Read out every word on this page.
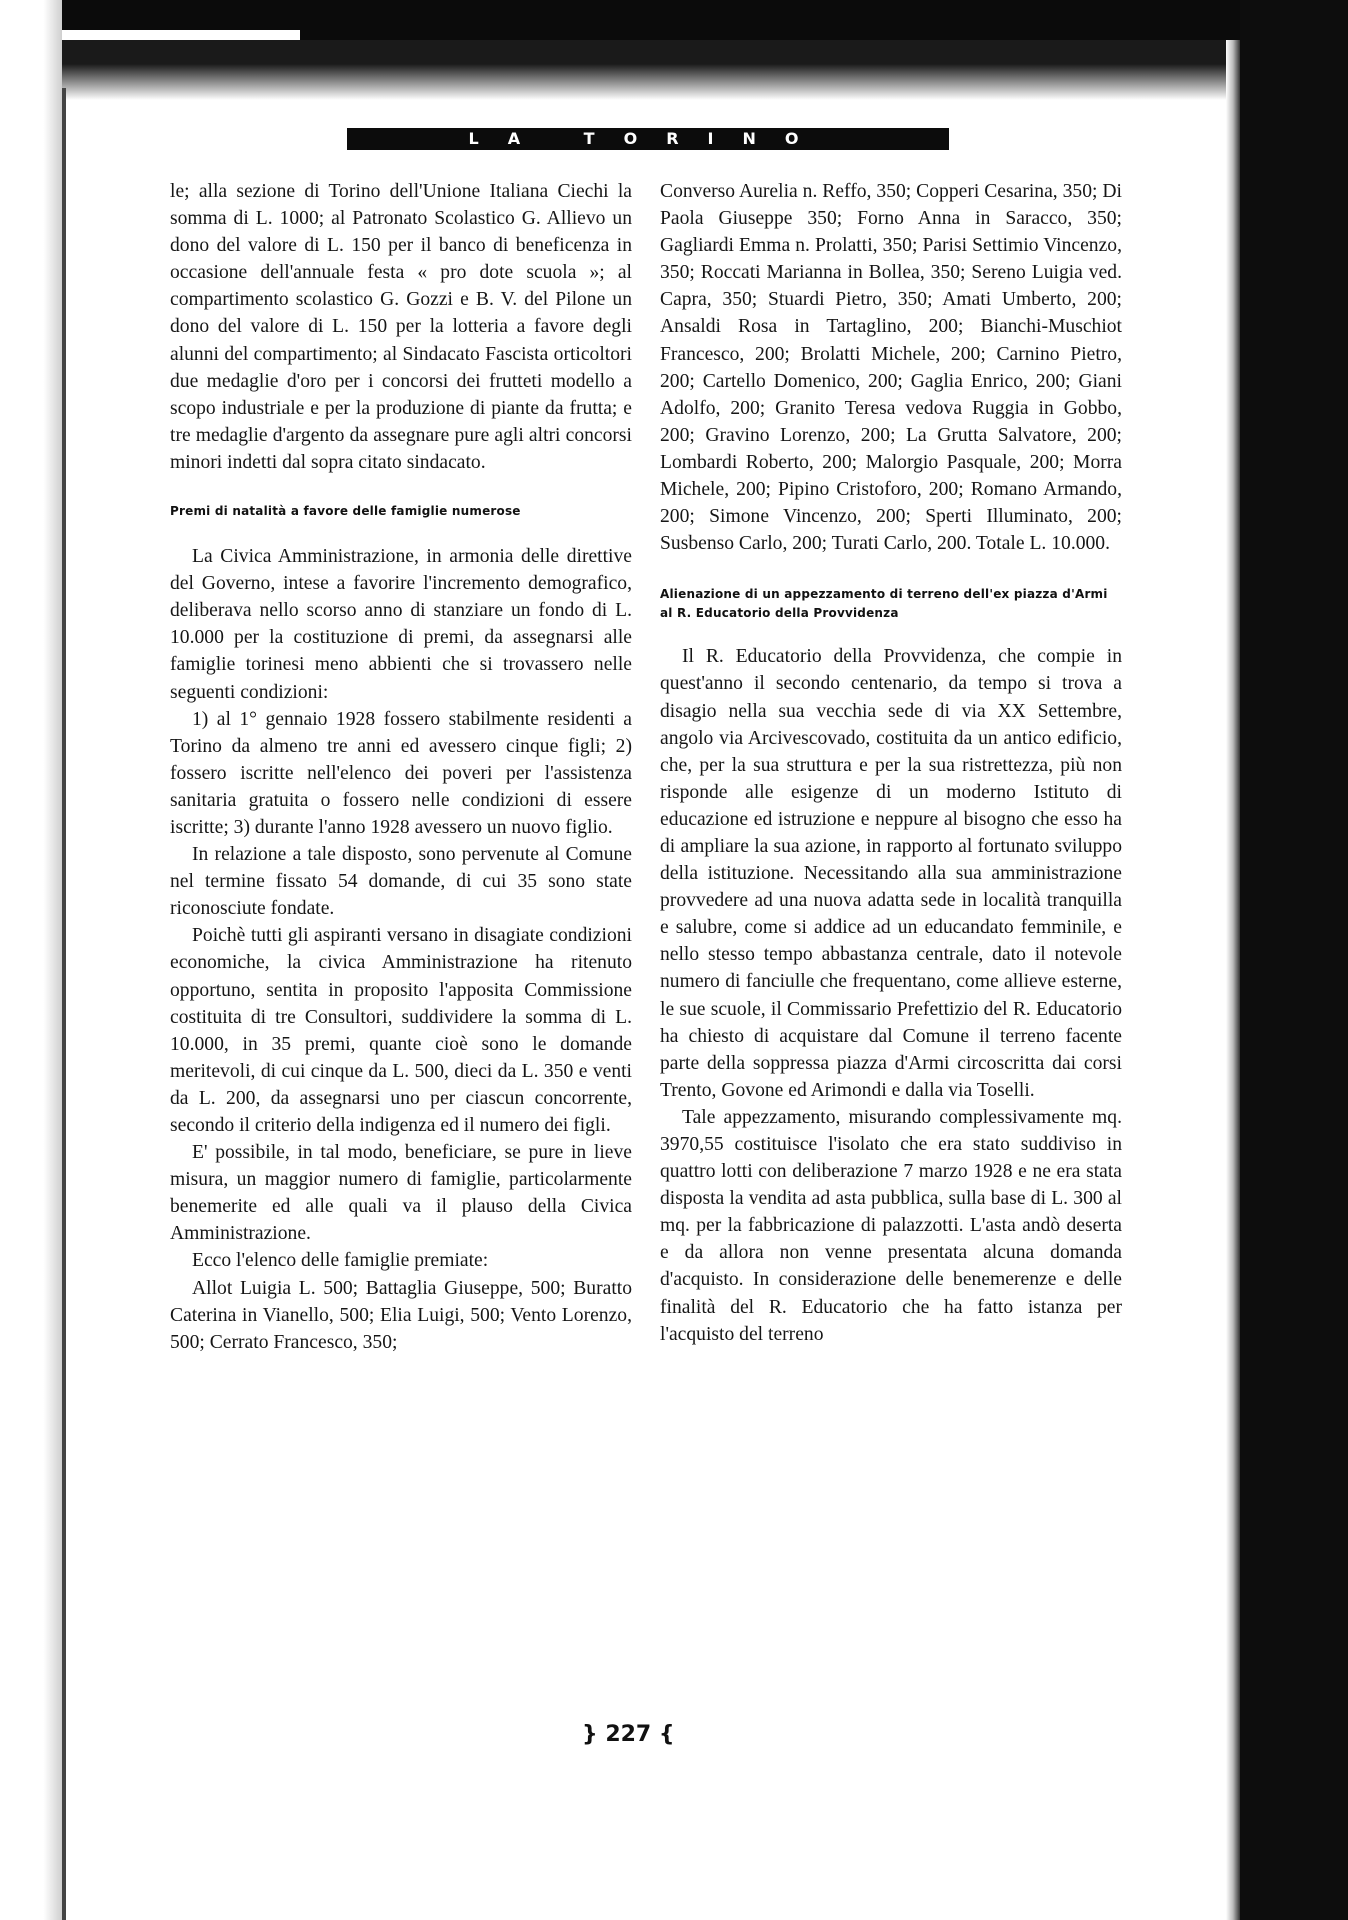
LA TORINO SERIALE

le; alla sezione di Torino dell'Unione Italiana Ciechi la somma di L. 1000; al Patronato Scolastico G. Allievo un dono del valore di L. 150 per il banco di beneficenza in occasione dell'annuale festa « pro dote scuola »; al compartimento scolastico G. Gozzi e B. V. del Pilone un dono del valore di L. 150 per la lotteria a favore degli alunni del compartimento; al Sindacato Fascista orticoltori due medaglie d'oro per i concorsi dei frutteti modello a scopo industriale e per la produzione di piante da frutta; e tre medaglie d'argento da assegnare pure agli altri concorsi minori indetti dal sopra citato sindacato.

Premi di natalità a favore delle famiglie numerose

La Civica Amministrazione, in armonia delle direttive del Governo, intese a favorire l'incremento demografico, deliberava nello scorso anno di stanziare un fondo di L. 10.000 per la costituzione di premi, da assegnarsi alle famiglie torinesi meno abbienti che si trovassero nelle seguenti condizioni:

1) al 1° gennaio 1928 fossero stabilmente residenti a Torino da almeno tre anni ed avessero cinque figli; 2) fossero iscritte nell'elenco dei poveri per l'assistenza sanitaria gratuita o fossero nelle condizioni di essere iscritte; 3) durante l'anno 1928 avessero un nuovo figlio.

In relazione a tale disposto, sono pervenute al Comune nel termine fissato 54 domande, di cui 35 sono state riconosciute fondate.

Poichè tutti gli aspiranti versano in disagiate condizioni economiche, la civica Amministrazione ha ritenuto opportuno, sentita in proposito l'apposita Commissione costituita di tre Consultori, suddividere la somma di L. 10.000, in 35 premi, quante cioè sono le domande meritevoli, di cui cinque da L. 500, dieci da L. 350 e venti da L. 200, da assegnarsi uno per ciascun concorrente, secondo il criterio della indigenza ed il numero dei figli.

E' possibile, in tal modo, beneficiare, se pure in lieve misura, un maggior numero di famiglie, particolarmente benemerite ed alle quali va il plauso della Civica Amministrazione.

Ecco l'elenco delle famiglie premiate:

Allot Luigia L. 500; Battaglia Giuseppe, 500; Buratto Caterina in Vianello, 500; Elia Luigi, 500; Vento Lorenzo, 500; Cerrato Francesco, 350;

Converso Aurelia n. Reffo, 350; Copperi Cesarina, 350; Di Paola Giuseppe 350; Forno Anna in Saracco, 350; Gagliardi Emma n. Prolatti, 350; Parisi Settimio Vincenzo, 350; Roccati Marianna in Bollea, 350; Sereno Luigia ved. Capra, 350; Stuardi Pietro, 350; Amati Umberto, 200; Ansaldi Rosa in Tartaglino, 200; Bianchi-Muschiot Francesco, 200; Brolatti Michele, 200; Carnino Pietro, 200; Cartello Domenico, 200; Gaglia Enrico, 200; Giani Adolfo, 200; Granito Teresa vedova Ruggia in Gobbo, 200; Gravino Lorenzo, 200; La Grutta Salvatore, 200; Lombardi Roberto, 200; Malorgio Pasquale, 200; Morra Michele, 200; Pipino Cristoforo, 200; Romano Armando, 200; Simone Vincenzo, 200; Sperti Illuminato, 200; Susbenso Carlo, 200; Turati Carlo, 200. Totale L. 10.000.

Alienazione di un appezzamento di terreno dell'ex piazza d'Armi al R. Educatorio della Provvidenza

Il R. Educatorio della Provvidenza, che compie in quest'anno il secondo centenario, da tempo si trova a disagio nella sua vecchia sede di via XX Settembre, angolo via Arcivescovado, costituita da un antico edificio, che, per la sua struttura e per la sua ristrettezza, più non risponde alle esigenze di un moderno Istituto di educazione ed istruzione e neppure al bisogno che esso ha di ampliare la sua azione, in rapporto al fortunato sviluppo della istituzione. Necessitando alla sua amministrazione provvedere ad una nuova adatta sede in località tranquilla e salubre, come si addice ad un educandato femminile, e nello stesso tempo abbastanza centrale, dato il notevole numero di fanciulle che frequentano, come allieve esterne, le sue scuole, il Commissario Prefettizio del R. Educatorio ha chiesto di acquistare dal Comune il terreno facente parte della soppressa piazza d'Armi circoscritta dai corsi Trento, Govone ed Arimondi e dalla via Toselli.

Tale appezzamento, misurando complessivamente mq. 3970,55 costituisce l'isolato che era stato suddiviso in quattro lotti con deliberazione 7 marzo 1928 e ne era stata disposta la vendita ad asta pubblica, sulla base di L. 300 al mq. per la fabbricazione di palazzotti. L'asta andò deserta e da allora non venne presentata alcuna domanda d'acquisto. In considerazione delle benemerenze e delle finalità del R. Educatorio che ha fatto istanza per l'acquisto del terreno

} 227 {
